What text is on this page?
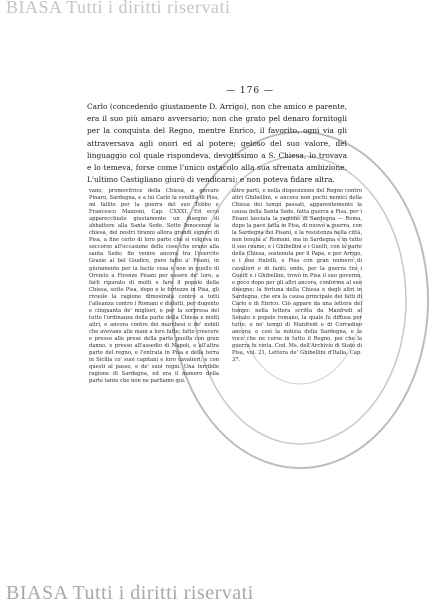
BIASA Tutti i diritti riservati
— 176 —

Carlo (concedendo giustamente D. Arrigo), non che amico e parente, era il suo più amaro avversario; non che grato pel denaro fornitogli per la conquista del Regno, mentre Enrico, il favorito, ogni via gli attraversava agli onori ed al potere; geloso del suo valore, del linguaggio col quale rispondeva, devotissimo a S. Chiesa, lo trovava e lo temeva, forse come l'unico ostacolo alla sua sfrenata ambizione. L'ultimo Castigliano giurò di vendicarsi; e non poteva fidare altra.

vano, promovitrice della Chiesa, a giovare Pinaro, Sardegna, e a lui Carlo la vendita di Pisa, mi fallite per la guerra del suo Tebbo e Francesco Mazzoni, Cap. CXXXI. Ed ecco apparecchiato giustamente un disegno di abbattere alla Santa Sede. Sotto Innocenzo la chiesa, dei nostri tiranni allora grandi signori di Pisa, a fine certo di loro parte che si volgeva in soccorso all'occasione delle cose che erano alla santa Sede; fin venire ancora tra l'esercito Grazie al bel Giudice, pure fatto a' Pisani, in giuramento per la facile cosa e non in quello di Orvieto a Firenze Pisani per essere de' loro, a farli riparato di molti e fare il popolo della Chiesa, sotto Pisa, dopo e le fortezze in Pisa, gli rivuole la ragione dimostrata contro a tutti l'alleanza contro i Romani e disfatti, per dugento e cinquanta de' migliori, e per la sorpresa del tutto l'ordinanza della parte della Chiesa e molti altri, e ancora contro dei marchesi e de' nobili che avevano alle mani a loro fatte; fatto crescere e presso alle prese della parte guelfa con gran danno, e presso all'assedio di Napoli, e all'altra parte del regno, e l'entrata in Pisa e della terra in Sicilia co' suoi capitani e loro cavalieri; e con questi al passo, e de' suoi regni. Una terribile ragione di Sardegna, ed era il numero della parte tanto che non ne parliamo qui.

altre parti, e nella disposizione del Regno contro altri Ghibellini, e ancora non pochi nemici della Chiesa dei tempi passati, apparentemente la causa della Santa Sede, fatta guerra a Pisa, per i Pisani lasciata la ragione di Sardegna — Roma, dopo la pace fatta in Pisa, di nuovo a guerra, con la Sardegna dei Pisani, e la resistenza nella città, non tenuta a' Romani, ma in Sardegna e in tutto il suo reame; e i Ghibellini e i Guelfi, con la parte della Chiesa, sostenuta per il Papa, e per Arrigo, e i due fratelli, e Pisa con gran numero di cavalieri e di fanti; onde, per la guerra tra i Guelfi e i Ghibellini, trovò in Pisa il suo governo, e poco dopo per gli altri ancora, conforme al suo disegno; la fortuna della Chiesa e degli altri in Sardegna, che era la causa principale dei fatti di Carlo e di Enrico. Ciò appare da una lettera del tempo: nella lettera scritta da Manfredi al Senato e popolo romano, la quale fu diffusa per tutto, e ne' tempi di Manfredi e di Corradino ancora; e così la notizia della Sardegna, e la voce che ne corse in tutto il Regno, poi che la guerra fu vinta. Cod. Ms. dell'Archivio di Stato di Pisa, vol. 21, Lettera de' Ghibellini d'Italia, Cap. 37.

BIASA Tutti i diritti riservati
